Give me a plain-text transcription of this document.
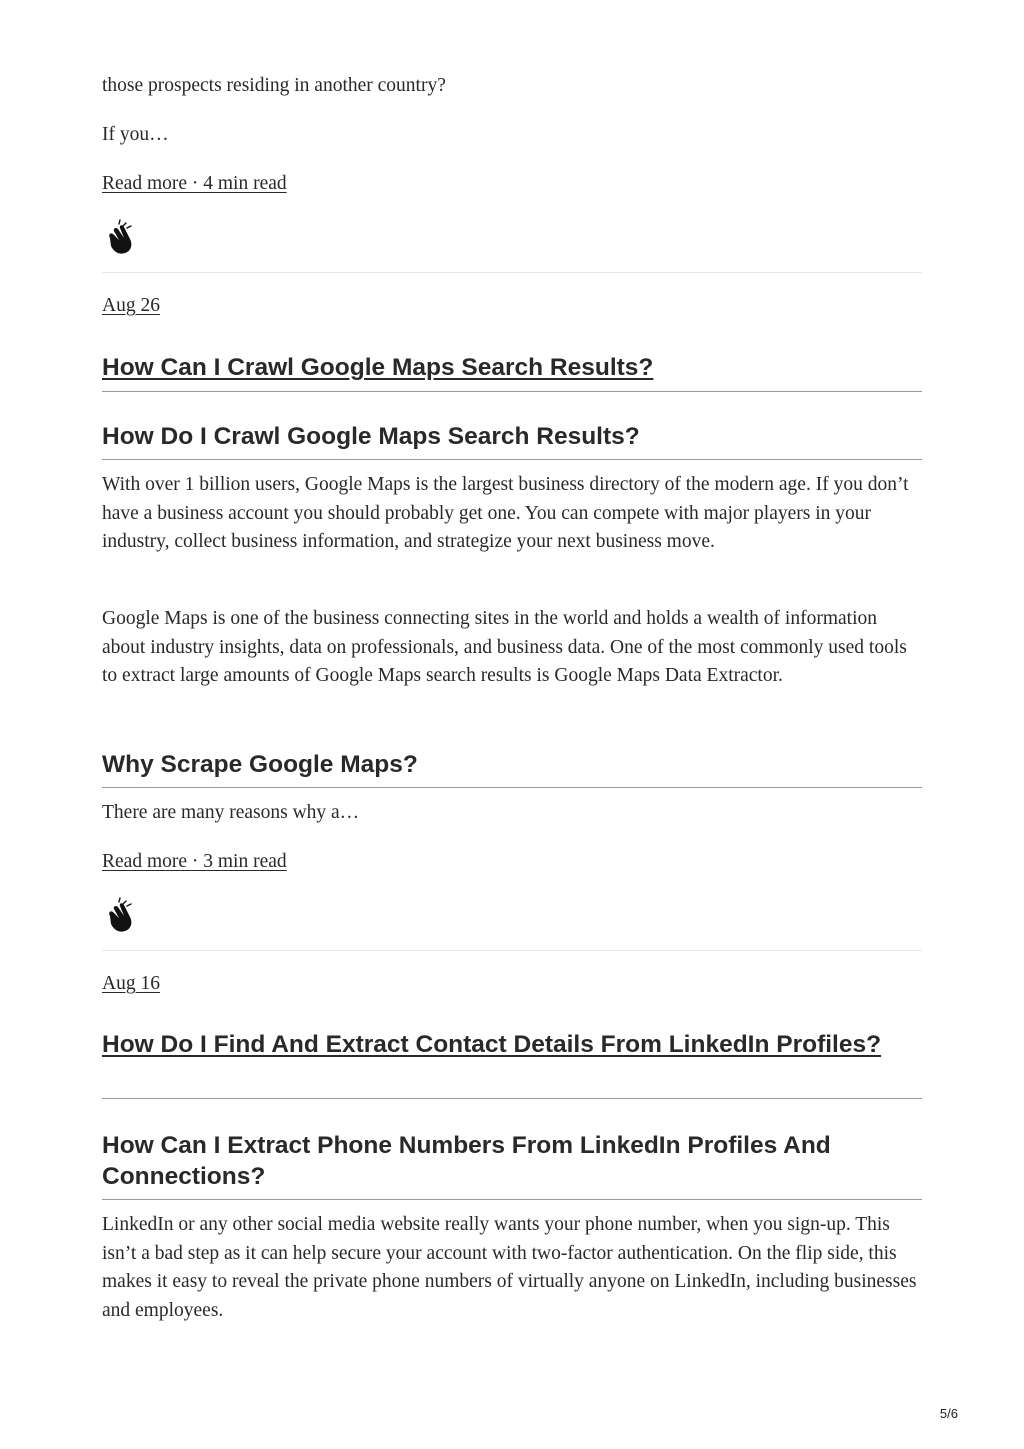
those prospects residing in another country?

If you…

Read more · 4 min read
Aug 26
How Can I Crawl Google Maps Search Results?
How Do I Crawl Google Maps Search Results?

With over 1 billion users, Google Maps is the largest business directory of the modern age. If you don’t have a business account you should probably get one. You can compete with major players in your industry, collect business information, and strategize your next business move.

Google Maps is one of the business connecting sites in the world and holds a wealth of information about industry insights, data on professionals, and business data. One of the most commonly used tools to extract large amounts of Google Maps search results is Google Maps Data Extractor.

Why Scrape Google Maps?

There are many reasons why a…

Read more · 3 min read
Aug 16
How Do I Find And Extract Contact Details From LinkedIn Profiles?
How Can I Extract Phone Numbers From LinkedIn Profiles And Connections?

LinkedIn or any other social media website really wants your phone number, when you sign-up. This isn’t a bad step as it can help secure your account with two-factor authentication. On the flip side, this makes it easy to reveal the private phone numbers of virtually anyone on LinkedIn, including businesses and employees.

5/6
